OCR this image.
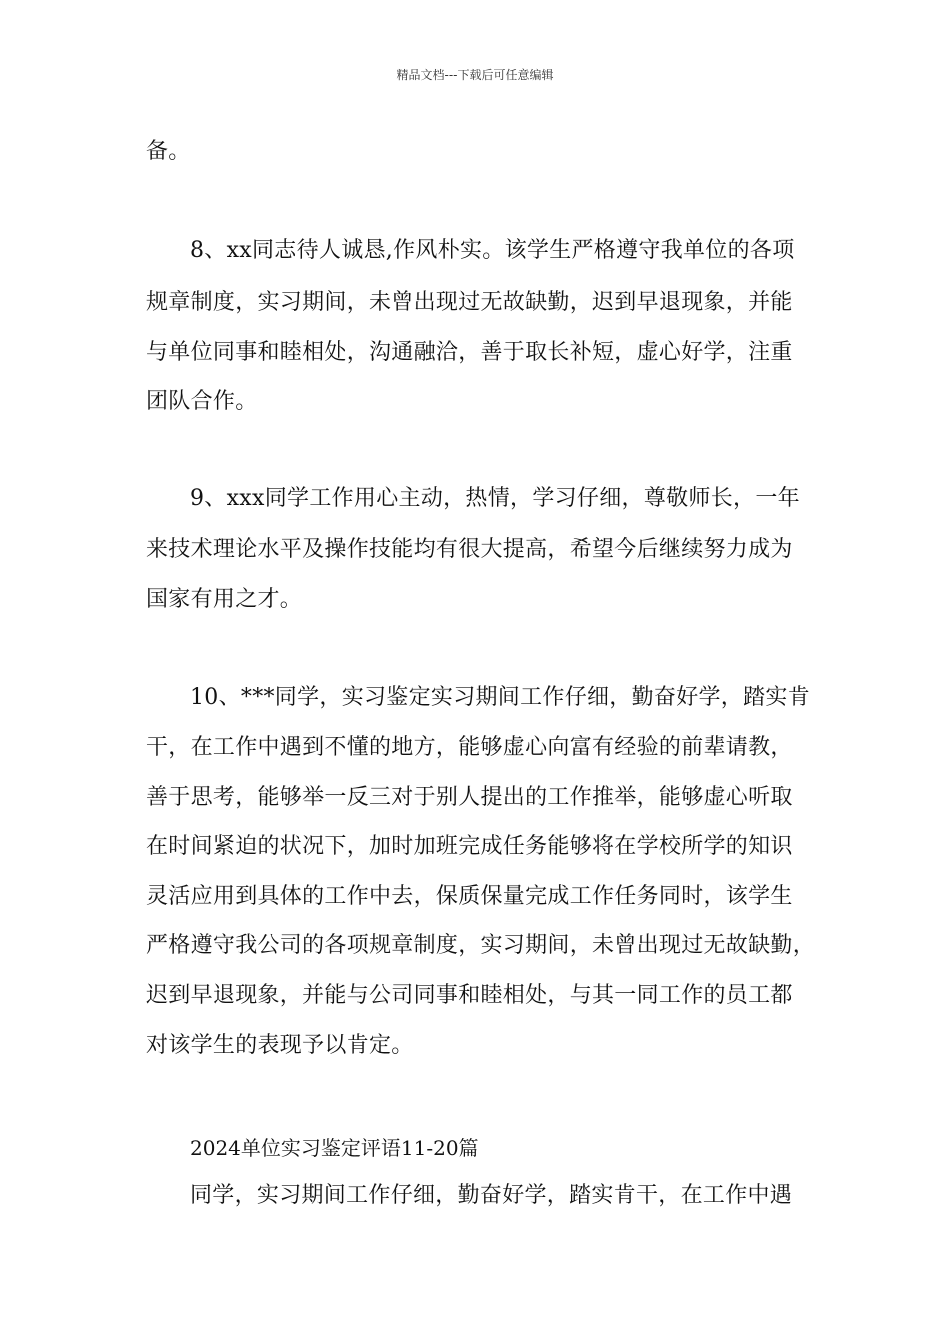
精品文档---下载后可任意编辑
备。
8、xx同志待人诚恳,作风朴实。该学生严格遵守我单位的各项
规章制度，实习期间，未曾出现过无故缺勤，迟到早退现象，并能
与单位同事和睦相处，沟通融洽，善于取长补短，虚心好学，注重
团队合作。
9、xxx同学工作用心主动，热情，学习仔细，尊敬师长，一年
来技术理论水平及操作技能均有很大提高，希望今后继续努力成为
国家有用之才。
10、***同学，实习鉴定实习期间工作仔细，勤奋好学，踏实肯
干，在工作中遇到不懂的地方，能够虚心向富有经验的前辈请教，
善于思考，能够举一反三对于别人提出的工作推举，能够虚心听取
在时间紧迫的状况下，加时加班完成任务能够将在学校所学的知识
灵活应用到具体的工作中去，保质保量完成工作任务同时，该学生
严格遵守我公司的各项规章制度，实习期间，未曾出现过无故缺勤，
迟到早退现象，并能与公司同事和睦相处，与其一同工作的员工都
对该学生的表现予以肯定。
2024单位实习鉴定评语11-20篇
同学，实习期间工作仔细，勤奋好学，踏实肯干，在工作中遇
